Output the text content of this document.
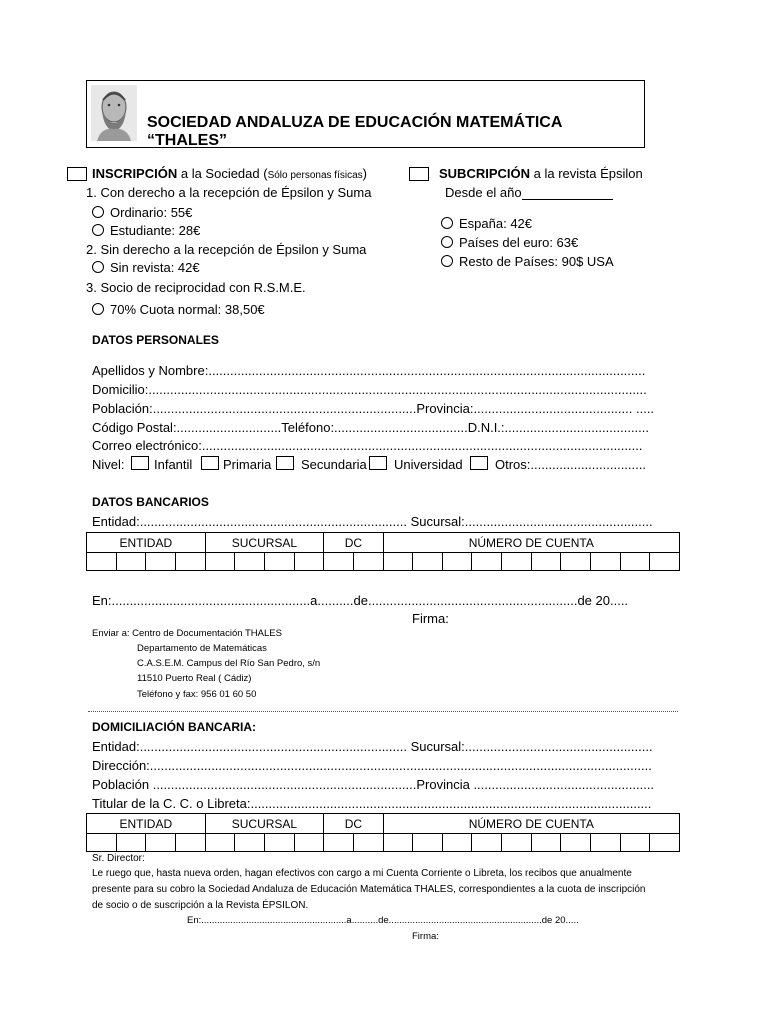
SOCIEDAD ANDALUZA DE EDUCACIÓN MATEMÁTICA “THALES”
INSCRIPCIÓN a la Sociedad (Sólo personas físicas)
1. Con derecho a la recepción de Épsilon y Suma
Ordinario: 55€
Estudiante: 28€
2. Sin derecho a la recepción de Épsilon y Suma
Sin revista: 42€
3. Socio de reciprocidad con R.S.M.E.
70% Cuota normal: 38,50€
SUBCRIPCIÓN a la revista Épsilon
Desde el año
España: 42€
Países del euro: 63€
Resto de Países: 90$ USA
DATOS PERSONALES
Apellidos y Nombre:.........................................................................................................................
Domicilio:..........................................................................................................................................
Población:.........................................................................Provincia:............................................ .....
Código Postal:.............................Teléfono:.....................................D.N.I.:........................................
Correo electrónico:..........................................................................................................................
Nivel: Infantil Primaria Secundaria Universidad Otros:................................
DATOS BANCARIOS
Entidad:.......................................................................... Sucursal:....................................................
ENTIDAD				SUCURSAL				DC		NÚMERO DE CUENTA									

En:.......................................................a..........de..........................................................de 20.....
Firma:
Enviar a: Centro de Documentación THALES
Departamento de Matemáticas
C.A.S.E.M. Campus del Río San Pedro, s/n
11510 Puerto Real ( Cádiz)
Teléfono y fax: 956 01 60 50
DOMICILIACIÓN BANCARIA:
Entidad:.......................................................................... Sucursal:....................................................
Dirección:...........................................................................................................................................
Población .........................................................................Provincia ..................................................
Titular de la C. C. o Libreta:...............................................................................................................
ENTIDAD				SUCURSAL				DC		NÚMERO DE CUENTA									

Sr. Director:
Le ruego que, hasta nueva orden, hagan efectivos con cargo a mi Cuenta Corriente o Libreta, los recibos que anualmente
presente para su cobro la Sociedad Andaluza de Educación Matemática THALES, correspondientes a la cuota de inscripción
de socio o de suscripción a la Revista ÉPSILON.
En:.......................................................a..........de..........................................................de 20.....
Firma:
